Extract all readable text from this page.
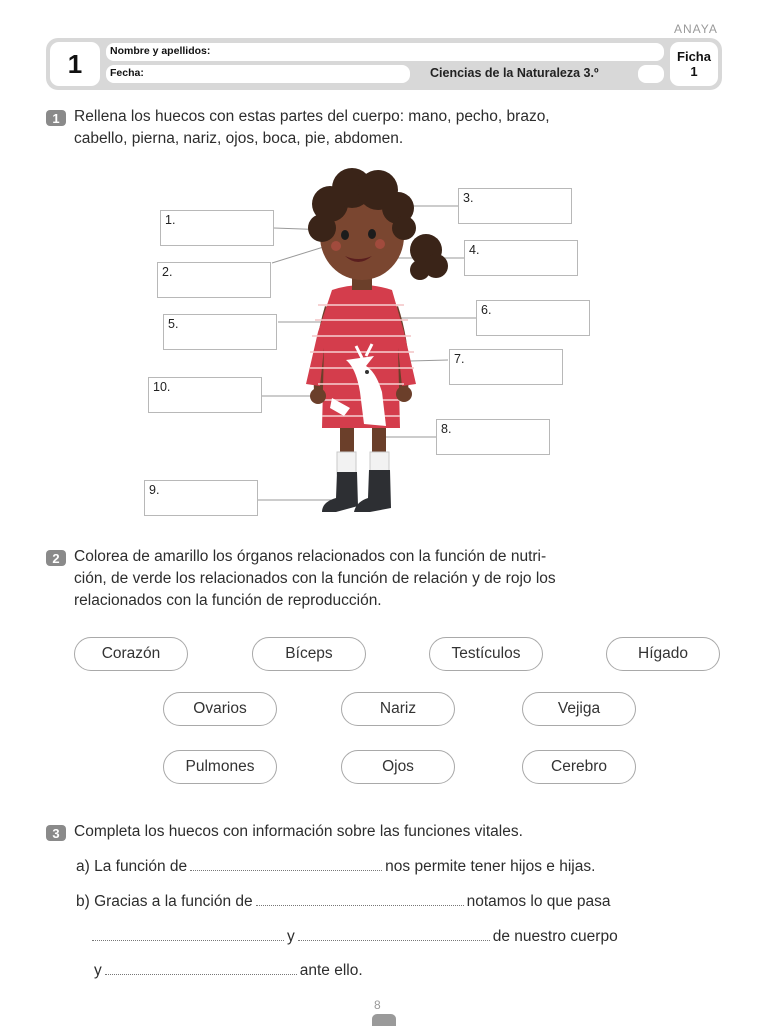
ANAYA
1	Nombre y apellidos:
Fecha:	Ciencias de la Naturaleza 3.º
Ficha
1
1 Rellena los huecos con estas partes del cuerpo: mano, pecho, brazo,
cabello, pierna, nariz, ojos, boca, pie, abdomen.
1.
2.
3.
4.
5.
6.
7.
8.
9.
10.
2 Colorea de amarillo los órganos relacionados con la función de nutri-
ción, de verde los relacionados con la función de relación y de rojo los
relacionados con la función de reproducción.
Corazón	Bíceps	Testículos	Hígado
Ovarios	Nariz	Vejiga
Pulmones	Ojos	Cerebro
3 Completa los huecos con información sobre las funciones vitales.
a) La función de	nos permite tener hijos e hijas.
b) Gracias a la función de	notamos lo que pasa
y	de nuestro cuerpo
y	ante ello.
8
